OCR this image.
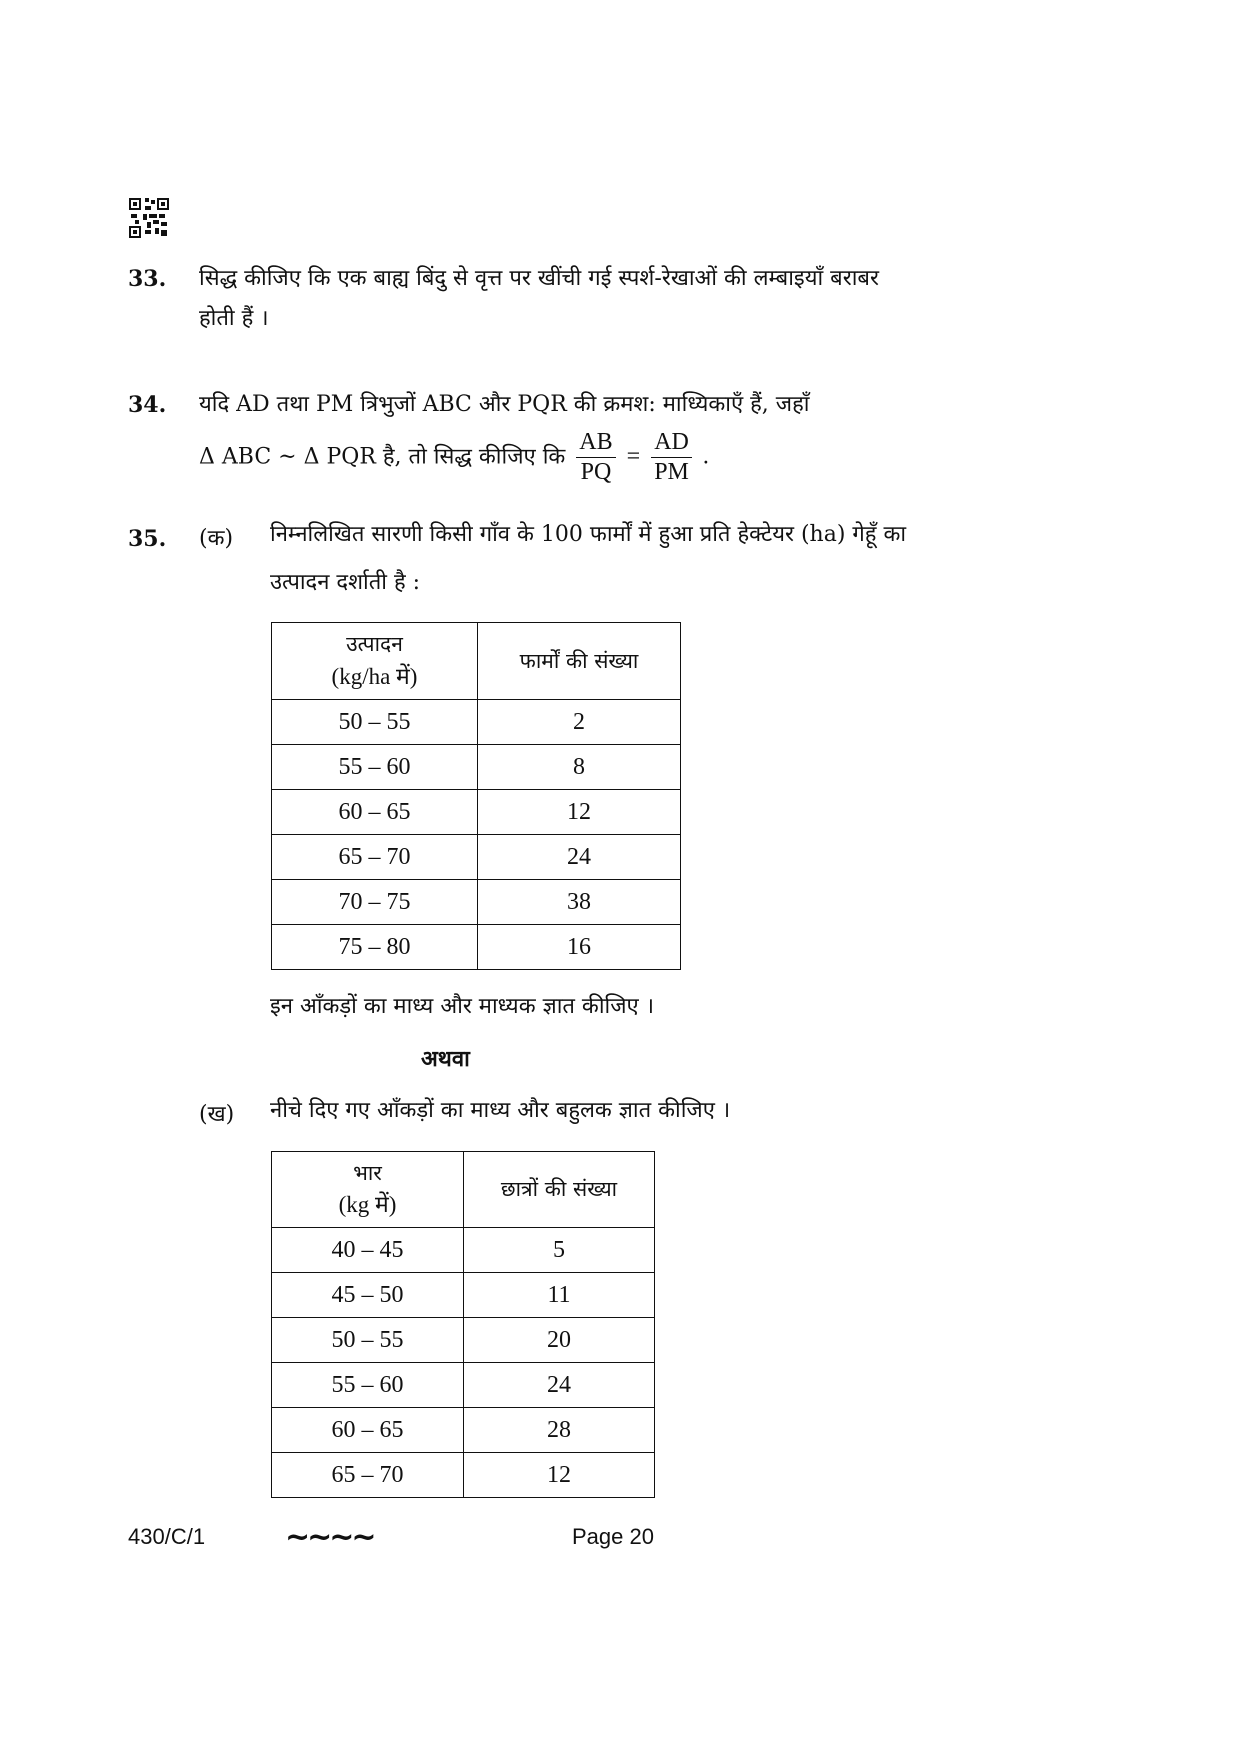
33. सिद्ध कीजिए कि एक बाह्य बिंदु से वृत्त पर खींची गई स्पर्श-रेखाओं की लम्बाइयाँ बराबर
होती हैं ।
34. यदि AD तथा PM त्रिभुजों ABC और PQR की क्रमश: माध्यिकाएँ हैं, जहाँ
Δ ABC ~ Δ PQR है, तो सिद्ध कीजिए कि $\frac{AB}{PQ} = \frac{AD}{PM}$ .
35. (क) निम्नलिखित सारणी किसी गाँव के 100 फार्मों में हुआ प्रति हेक्टेयर (ha) गेहूँ का
उत्पादन दर्शाती है :
उत्पादन
(kg/ha में)	फार्मों की संख्या
50 – 55	2
55 – 60	8
60 – 65	12
65 – 70	24
70 – 75	38
75 – 80	16
इन आँकड़ों का माध्य और माध्यक ज्ञात कीजिए ।
अथवा
(ख) नीचे दिए गए आँकड़ों का माध्य और बहुलक ज्ञात कीजिए ।
भार
(kg में)	छात्रों की संख्या
40 – 45	5
45 – 50	11
50 – 55	20
55 – 60	24
60 – 65	28
65 – 70	12
430/C/1	~~~~	Page 20
